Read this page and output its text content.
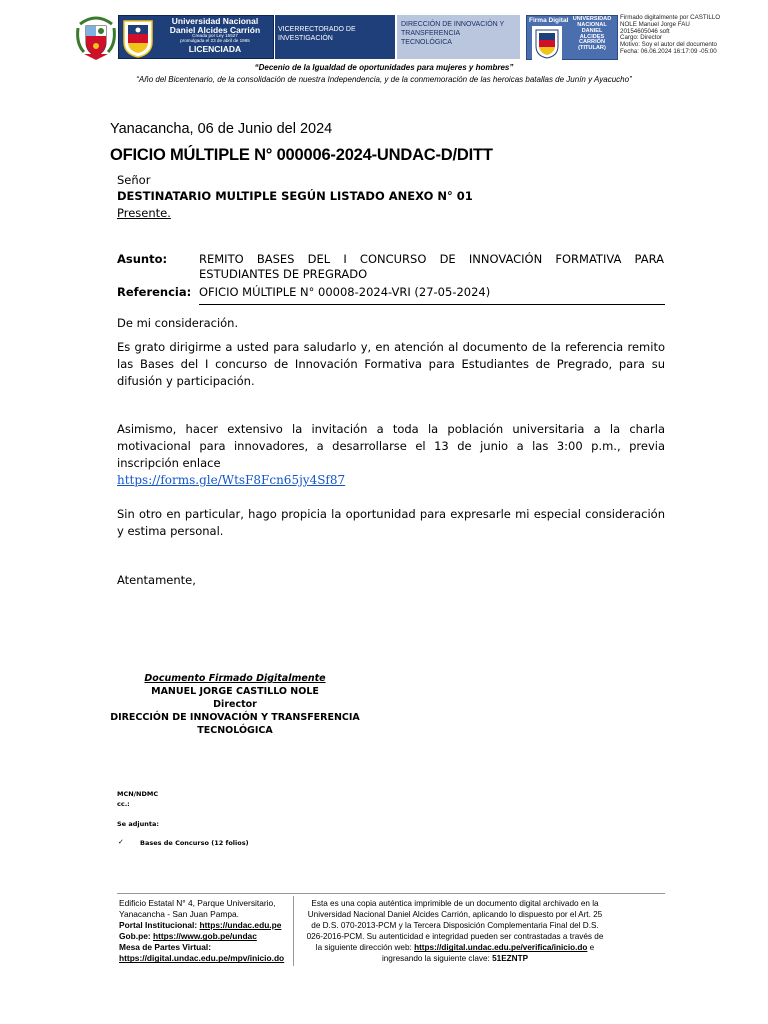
Universidad Nacional
Daniel Alcides Carrión
Creada por Ley 15527
promulgada el 23 de abril de 1965
LICENCIADA
VICERRECTORADO DE
INVESTIGACIÓN
DIRECCIÓN DE INNOVACIÓN Y
TRANSFERENCIA
TECNOLÓGICA
Firma Digital UNIVERSIDAD
NACIONAL
DANIEL
ALCIDES
CARRIÓN
(TITULAR)
Firmado digitalmente por CASTILLO
NOLE Manuel Jorge FAU
20154605046 soft
Cargo: Director
Motivo: Soy el autor del documento
Fecha: 06.06.2024 16:17:09 -05:00
“Decenio de la Igualdad de oportunidades para mujeres y hombres”
“Año del Bicentenario, de la consolidación de nuestra Independencia, y de la conmemoración de las heroicas batallas de Junín y Ayacucho”
Yanacancha, 06 de Junio del 2024
OFICIO MÚLTIPLE N° 000006-2024-UNDAC-D/DITT
Señor
DESTINATARIO MULTIPLE SEGÚN LISTADO ANEXO N° 01
Presente.
Asunto:	REMITO BASES DEL I CONCURSO DE INNOVACIÓN FORMATIVA PARA ESTUDIANTES DE PREGRADO
Referencia: OFICIO MÚLTIPLE N° 00008-2024-VRI (27-05-2024)
De mi consideración.
Es grato dirigirme a usted para saludarlo y, en atención al documento de la referencia remito las Bases del I concurso de Innovación Formativa para Estudiantes de Pregrado, para su difusión y participación.
Asimismo, hacer extensivo la invitación a toda la población universitaria a la charla motivacional para innovadores, a desarrollarse el 13 de junio a las 3:00 p.m., previa inscripción enlace
https://forms.gle/WtsF8Fcn65jy4Sf87
Sin otro en particular, hago propicia la oportunidad para expresarle mi especial consideración y estima personal.
Atentamente,
Documento Firmado Digitalmente
MANUEL JORGE CASTILLO NOLE
Director
DIRECCIÓN DE INNOVACIÓN Y TRANSFERENCIA
TECNOLÓGICA
MCN/NDMC
cc.:
Se adjunta:
✓ Bases de Concurso (12 folios)
Edificio Estatal N° 4, Parque Universitario,
Yanacancha - San Juan Pampa.
Portal Institucional: https://undac.edu.pe
Gob.pe: https://www.gob.pe/undac
Mesa de Partes Virtual:
https://digital.undac.edu.pe/mpv/inicio.do
Esta es una copia auténtica imprimible de un documento digital archivado en la
Universidad Nacional Daniel Alcides Carrión, aplicando lo dispuesto por el Art. 25
de D.S. 070-2013-PCM y la Tercera Disposición Complementaria Final del D.S.
026-2016-PCM. Su autenticidad e integridad pueden ser contrastadas a través de
la siguiente dirección web: https://digital.undac.edu.pe/verifica/inicio.do e
ingresando la siguiente clave: 51EZNTP
